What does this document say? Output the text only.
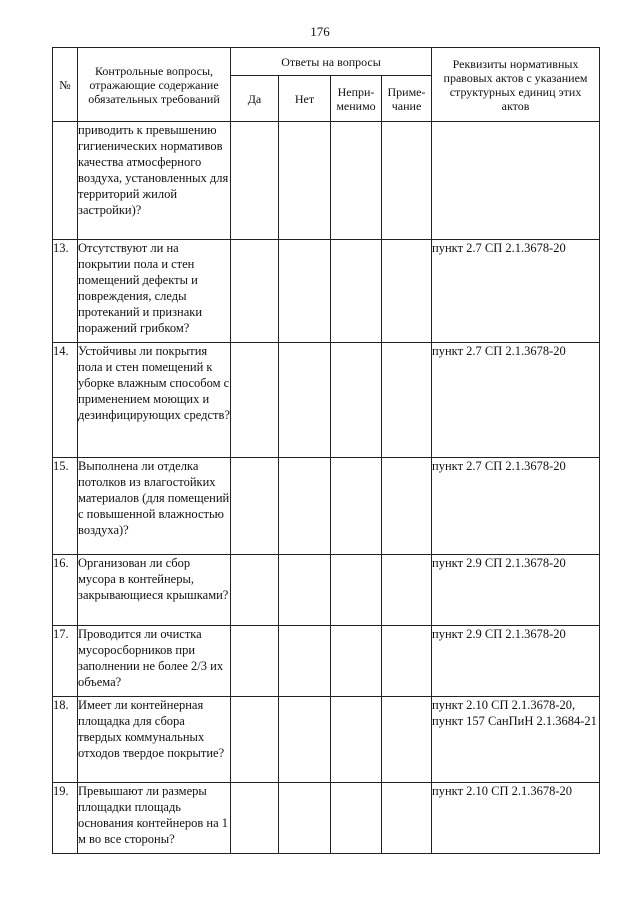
176
№	Контрольные вопросы, отражающие содержание обязательных требований	Ответы на вопросы				Реквизиты нормативных правовых актов с указанием структурных единиц этих актов
		Да	Нет	Непри-менимо	Приме-чание	
	приводить к превышению гигиенических нормативов качества атмосферного воздуха, установленных для территорий жилой застройки)?					
13.	Отсутствуют ли на покрытии пола и стен помещений дефекты и повреждения, следы протеканий и признаки поражений грибком?					пункт 2.7 СП 2.1.3678-20
14.	Устойчивы ли покрытия пола и стен помещений к уборке влажным способом с применением моющих и дезинфицирующих средств?					пункт 2.7 СП 2.1.3678-20
15.	Выполнена ли отделка потолков из влагостойких материалов (для помещений с повышенной влажностью воздуха)?					пункт 2.7 СП 2.1.3678-20
16.	Организован ли сбор мусора в контейнеры, закрывающиеся крышками?					пункт 2.9 СП 2.1.3678-20
17.	Проводится ли очистка мусоросборников при заполнении не более 2/3 их объема?					пункт 2.9 СП 2.1.3678-20
18.	Имеет ли контейнерная площадка для сбора твердых коммунальных отходов твердое покрытие?					пункт 2.10 СП 2.1.3678-20, пункт 157 СанПиН 2.1.3684-21
19.	Превышают ли размеры площадки площадь основания контейнеров на 1 м во все стороны?					пункт 2.10 СП 2.1.3678-20
